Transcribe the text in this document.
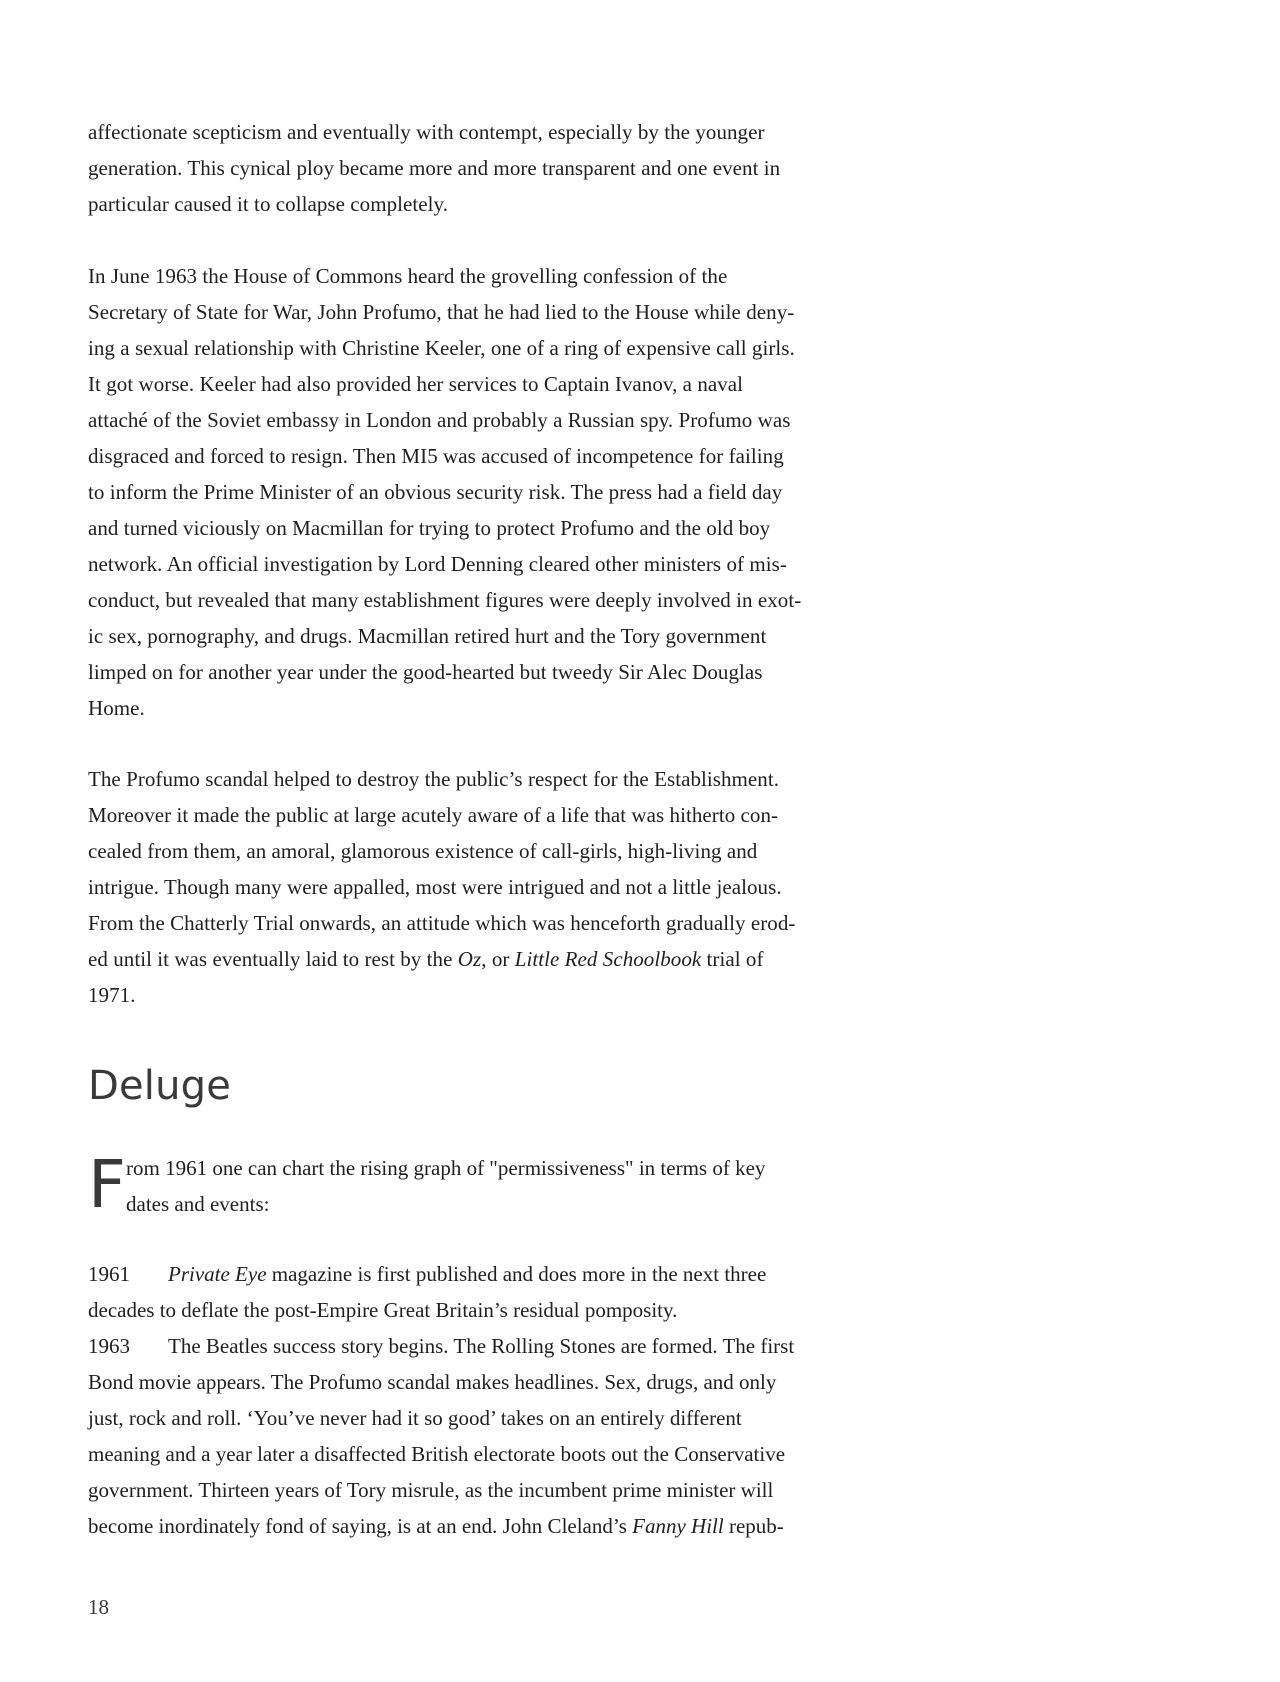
affectionate scepticism and eventually with contempt, especially by the younger

generation. This cynical ploy became more and more transparent and one event in

particular caused it to collapse completely.

In June 1963 the House of Commons heard the grovelling confession of the

Secretary of State for War, John Profumo, that he had lied to the House while deny-

ing a sexual relationship with Christine Keeler, one of a ring of expensive call girls.

It got worse. Keeler had also provided her services to Captain Ivanov, a naval

attaché of the Soviet embassy in London and probably a Russian spy. Profumo was

disgraced and forced to resign. Then MI5 was accused of incompetence for failing

to inform the Prime Minister of an obvious security risk. The press had a field day

and turned viciously on Macmillan for trying to protect Profumo and the old boy

network. An official investigation by Lord Denning cleared other ministers of mis-

conduct, but revealed that many establishment figures were deeply involved in exot-

ic sex, pornography, and drugs. Macmillan retired hurt and the Tory government

limped on for another year under the good-hearted but tweedy Sir Alec Douglas

Home.

The Profumo scandal helped to destroy the public’s respect for the Establishment.

Moreover it made the public at large acutely aware of a life that was hitherto con-

cealed from them, an amoral, glamorous existence of call-girls, high-living and

intrigue. Though many were appalled, most were intrigued and not a little jealous.

From the Chatterly Trial onwards, an attitude which was henceforth gradually erod-

ed until it was eventually laid to rest by the Oz, or Little Red Schoolbook trial of

1971.

Deluge
F rom 1961 one can chart the rising graph of "permissiveness" in terms of key

dates and events:

1961 Private Eye magazine is first published and does more in the next three

decades to deflate the post-Empire Great Britain’s residual pomposity.

1963 The Beatles success story begins. The Rolling Stones are formed. The first

Bond movie appears. The Profumo scandal makes headlines. Sex, drugs, and only

just, rock and roll. ‘You’ve never had it so good’ takes on an entirely different

meaning and a year later a disaffected British electorate boots out the Conservative

government. Thirteen years of Tory misrule, as the incumbent prime minister will

become inordinately fond of saying, is at an end. John Cleland’s Fanny Hill repub-

18
